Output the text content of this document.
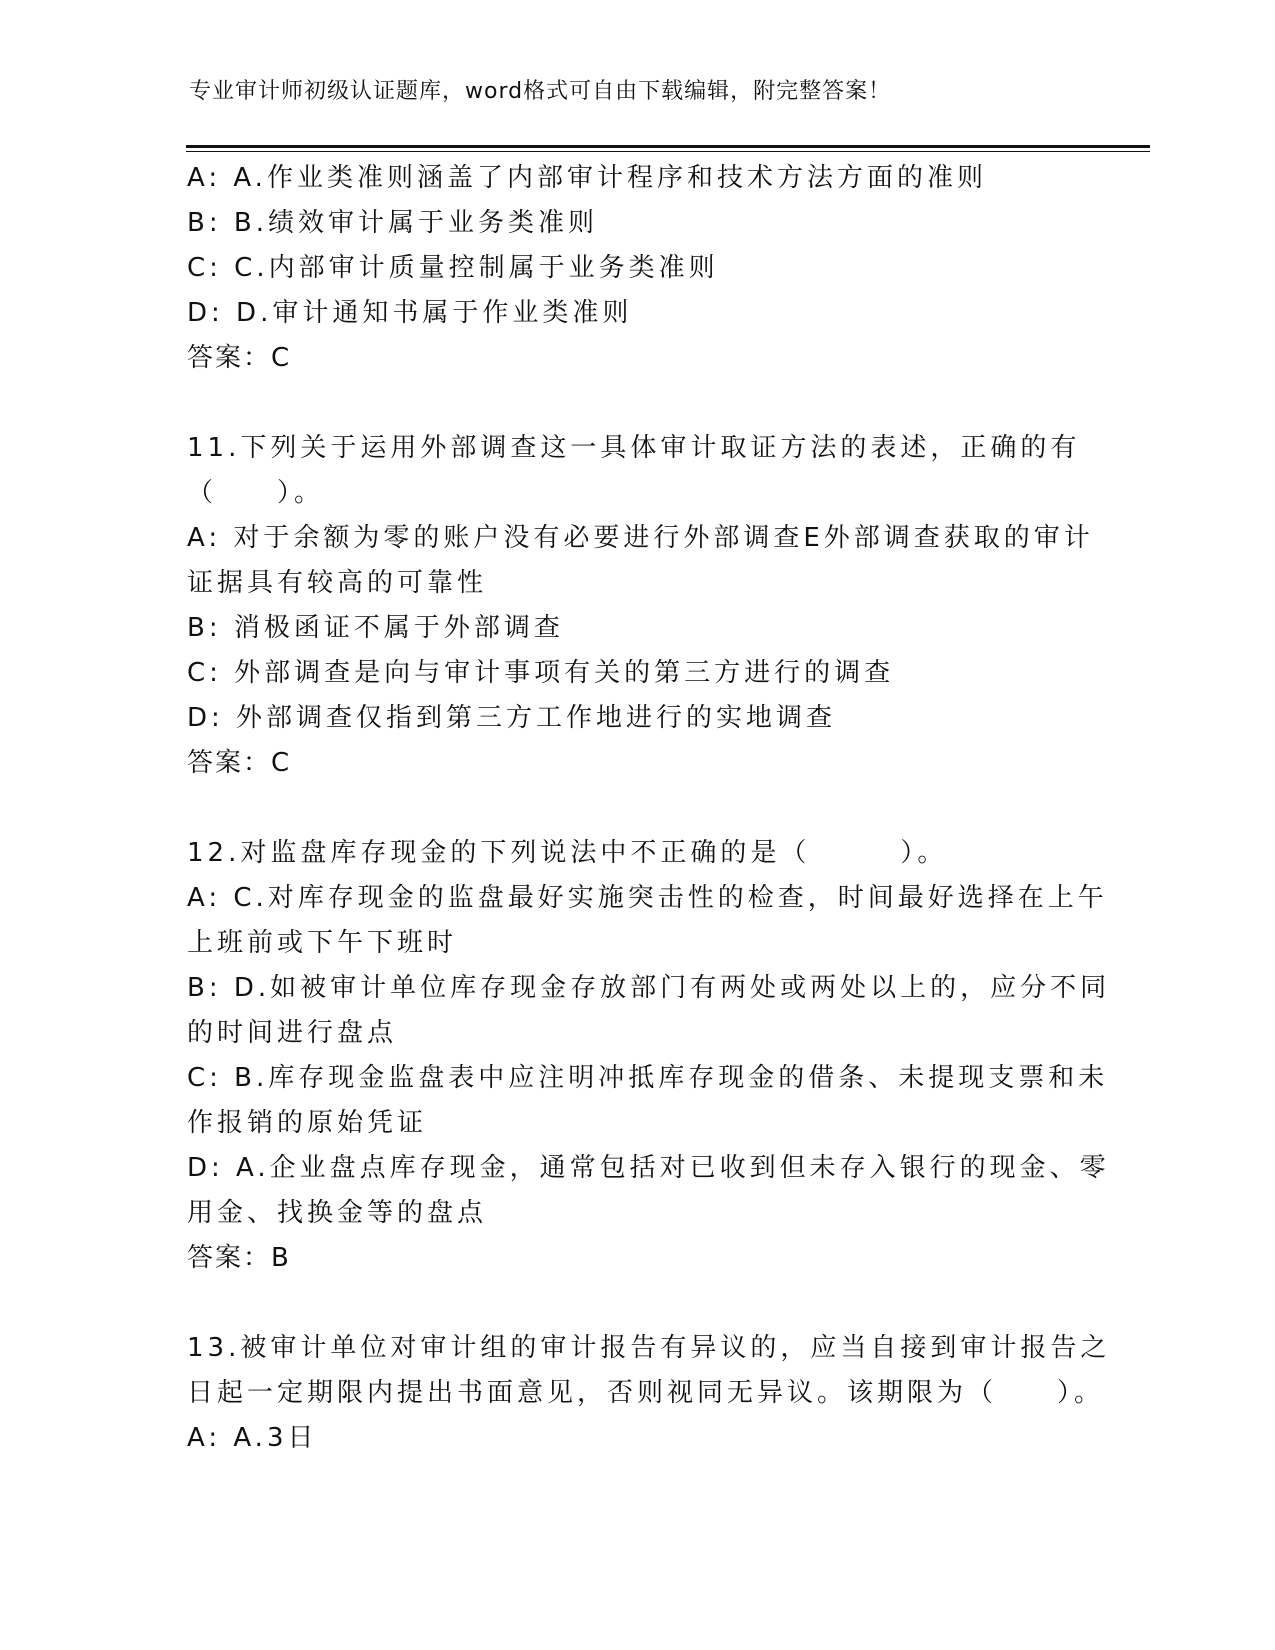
专业审计师初级认证题库，word格式可自由下载编辑，附完整答案！
A: A.作业类准则涵盖了内部审计程序和技术方法方面的准则
B: B.绩效审计属于业务类准则
C: C.内部审计质量控制属于业务类准则
D: D.审计通知书属于作业类准则
答案：C
11.下列关于运用外部调查这一具体审计取证方法的表述，正确的有
（　　）。
A: 对于余额为零的账户没有必要进行外部调查E外部调查获取的审计
证据具有较高的可靠性
B: 消极函证不属于外部调查
C: 外部调查是向与审计事项有关的第三方进行的调查
D: 外部调查仅指到第三方工作地进行的实地调查
答案：C
12.对监盘库存现金的下列说法中不正确的是（　　　）。
A: C.对库存现金的监盘最好实施突击性的检查，时间最好选择在上午
上班前或下午下班时
B: D.如被审计单位库存现金存放部门有两处或两处以上的，应分不同
的时间进行盘点
C: B.库存现金监盘表中应注明冲抵库存现金的借条、未提现支票和未
作报销的原始凭证
D: A.企业盘点库存现金，通常包括对已收到但未存入银行的现金、零
用金、找换金等的盘点
答案：B
13.被审计单位对审计组的审计报告有异议的，应当自接到审计报告之
日起一定期限内提出书面意见，否则视同无异议。该期限为（　　）。
A: A.3日
